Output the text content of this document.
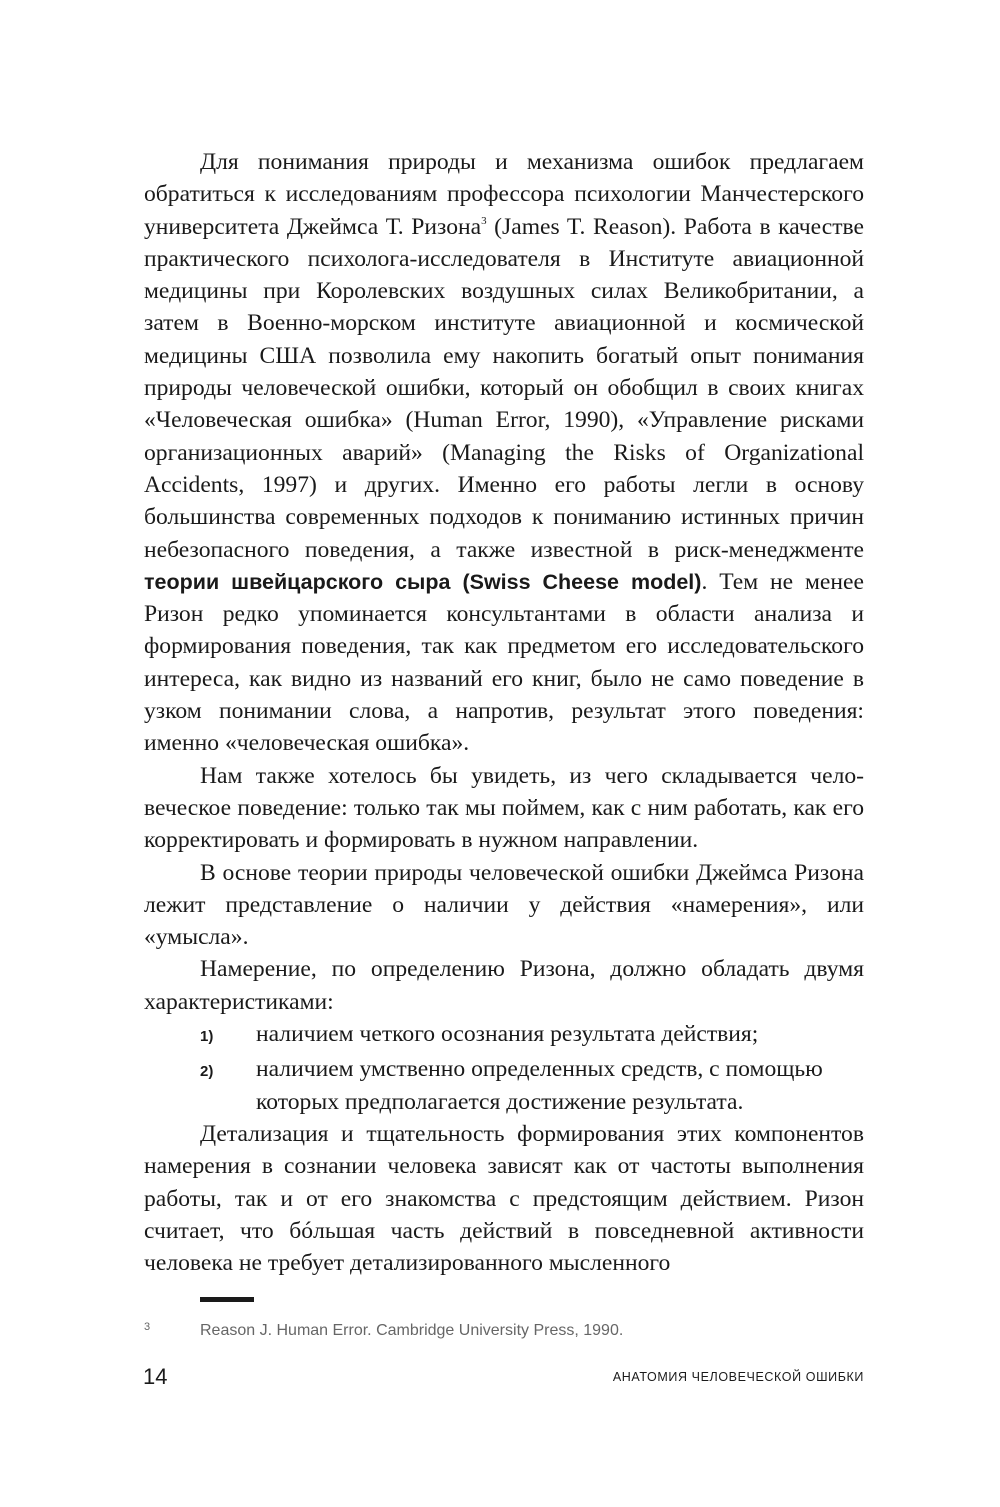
Для понимания природы и механизма ошибок предлагаем обратиться к исследованиям профессора психологии Манчестерского университета Джеймса Т. Ризона$^3$ (James T. Reason). Работа в качестве практического психолога-исследователя в Институте авиационной медицины при Королевских воздушных силах Великобритании, а затем в Военно-морском институте авиационной и космической медицины США позволила ему накопить богатый опыт понимания природы человеческой ошибки, который он обобщил в своих книгах «Человеческая ошибка» (Human Error, 1990), «Управление рисками организационных аварий» (Managing the Risks of Organizational Accidents, 1997) и других. Именно его работы легли в основу большинства современных подходов к пониманию истинных причин небезопасного поведения, а также известной в риск-менеджменте теории швейцарского сыра (Swiss Cheese model). Тем не менее Ризон редко упоминается консультантами в области анализа и формирования поведения, так как предметом его исследовательского интереса, как видно из названий его книг, было не само поведение в узком понимании слова, а напротив, результат этого поведения: именно «человеческая ошибка».

Нам также хотелось бы увидеть, из чего складывается человеческое поведение: только так мы поймем, как с ним работать, как его корректировать и формировать в нужном направлении.

В основе теории природы человеческой ошибки Джеймса Ризона лежит представление о наличии у действия «намерения», или «умысла».

Намерение, по определению Ризона, должно обладать двумя характеристиками:

1)	наличием четкого осознания результата действия;
2)	наличием умственно определенных средств, с помощью которых предполагается достижение результата.

Детализация и тщательность формирования этих компонентов намерения в сознании человека зависят как от частоты выполнения работы, так и от его знакомства с предстоящим действием. Ризон считает, что бóльшая часть действий в повседневной активности человека не требует детализированного мысленного

3	Reason J. Human Error. Cambridge University Press, 1990.
14	АНАТОМИЯ ЧЕЛОВЕЧЕСКОЙ ОШИБКИ
